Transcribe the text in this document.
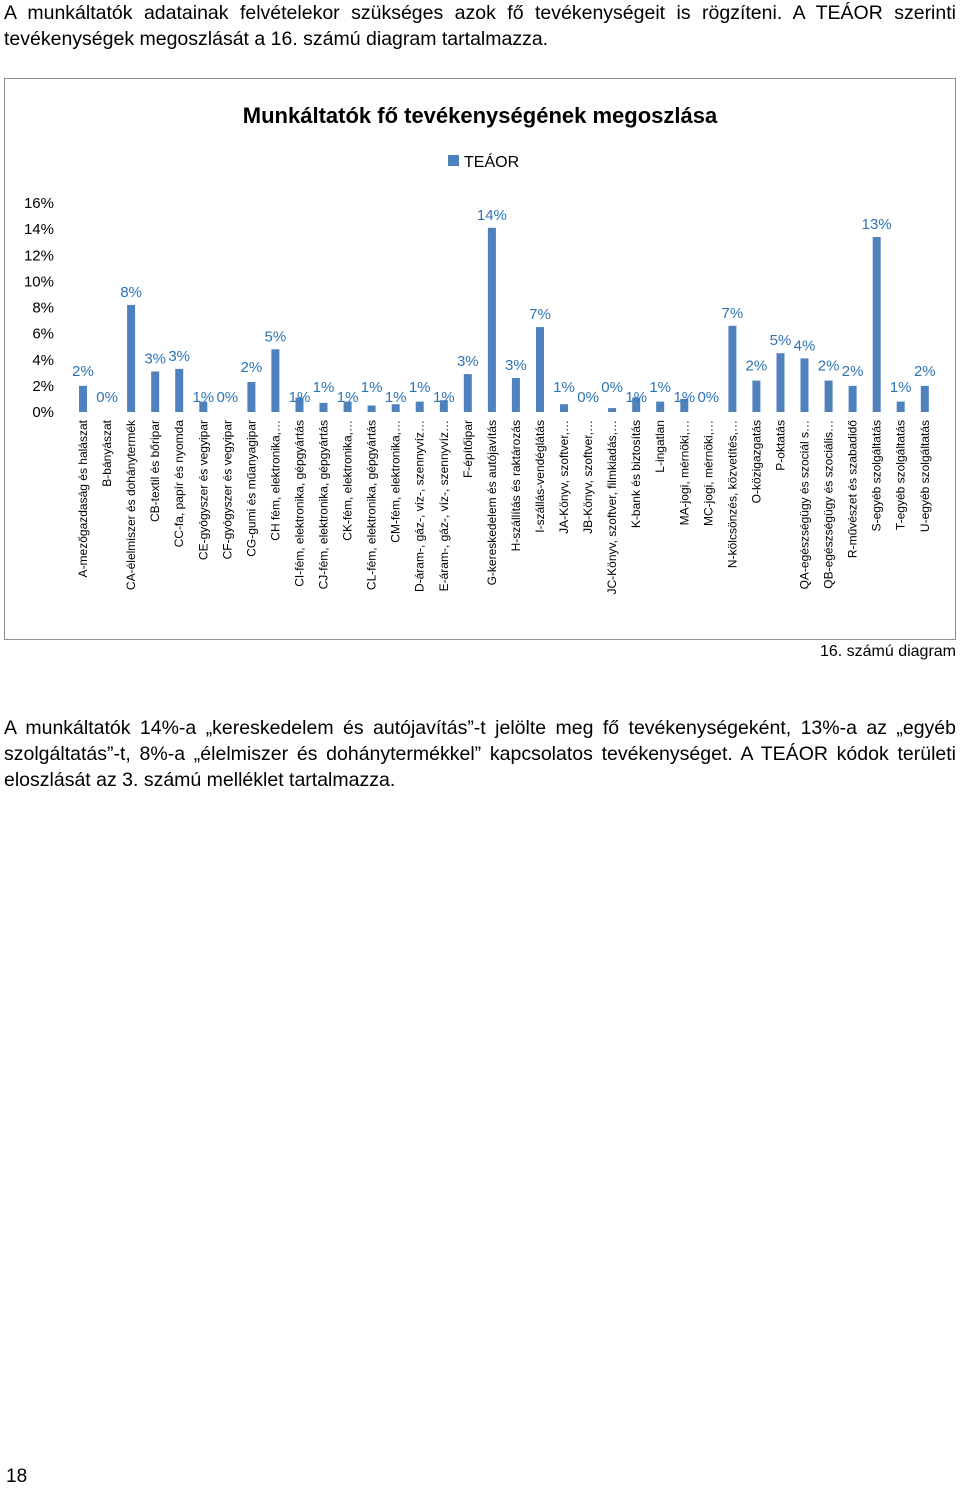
A munkáltatók adatainak felvételekor szükséges azok fő tevékenységeit is rögzíteni. A TEÁOR szerinti tevékenységek megoszlását a 16. számú diagram tartalmazza.
Munkáltatók fő tevékenységének megoszlása
TEÁOR
0%
2%
4%
6%
8%
10%
12%
14%
16%
2%
0%
8%
3% 3%
1% 0%
2%
5%
1%
1%
1%
1%
1%
1%
1%
3%
14%
3%
7%
1%
0%
0%
1%
1%
1% 0%
7%
2%
5% 4%
2% 2%
13%
1%
2%
A-mezőgazdaság és halászat B-bányászat CA-élelmiszer és dohánytermék CB-textil és bőripar CC-fa, papír és nyomda CE-gyógyszer és vegyipar CF-gyógyszer és vegyipar CG-gumi és műanyagipar CH fém, elektronika,… CI-fém, elektronika, gépgyártás CJ-fém, elektronika, gépgyártás CK-fém, elektronika,… CL-fém, elektronika, gépgyártás CM-fém, elektronika,… D-áram-, gáz-, víz-, szennyvíz… E-áram-, gáz-, víz-, szennyvíz… F-építőipar G-kereskedelem és autójavítás H-szállítás és raktározás I-szállás-vendéglátás JA-Könyv, szoftver,… JB-Könyv, szoftver,… JC-Könyv, szoftver, filmkiadás,… K-bank és biztosítás L-ingatlan MA-jogi, mérnöki,… MC-jogi, mérnöki,… N-kölcsönzés, közvetítés,… O-közigazgatás P-oktatás QA-egészségügy és szociál s… QB-egészségügy és szociális… R-művészet és szabadidő S-egyéb szolgáltatás T-egyéb szolgáltatás U-egyéb szolgáltatás
16. számú diagram
A munkáltatók 14%-a „kereskedelem és autójavítás”-t jelölte meg fő tevékenységeként, 13%-a az „egyéb szolgáltatás”-t, 8%-a „élelmiszer és dohánytermékkel” kapcsolatos tevékenységet. A TEÁOR kódok területi eloszlását az 3. számú melléklet tartalmazza.
18
